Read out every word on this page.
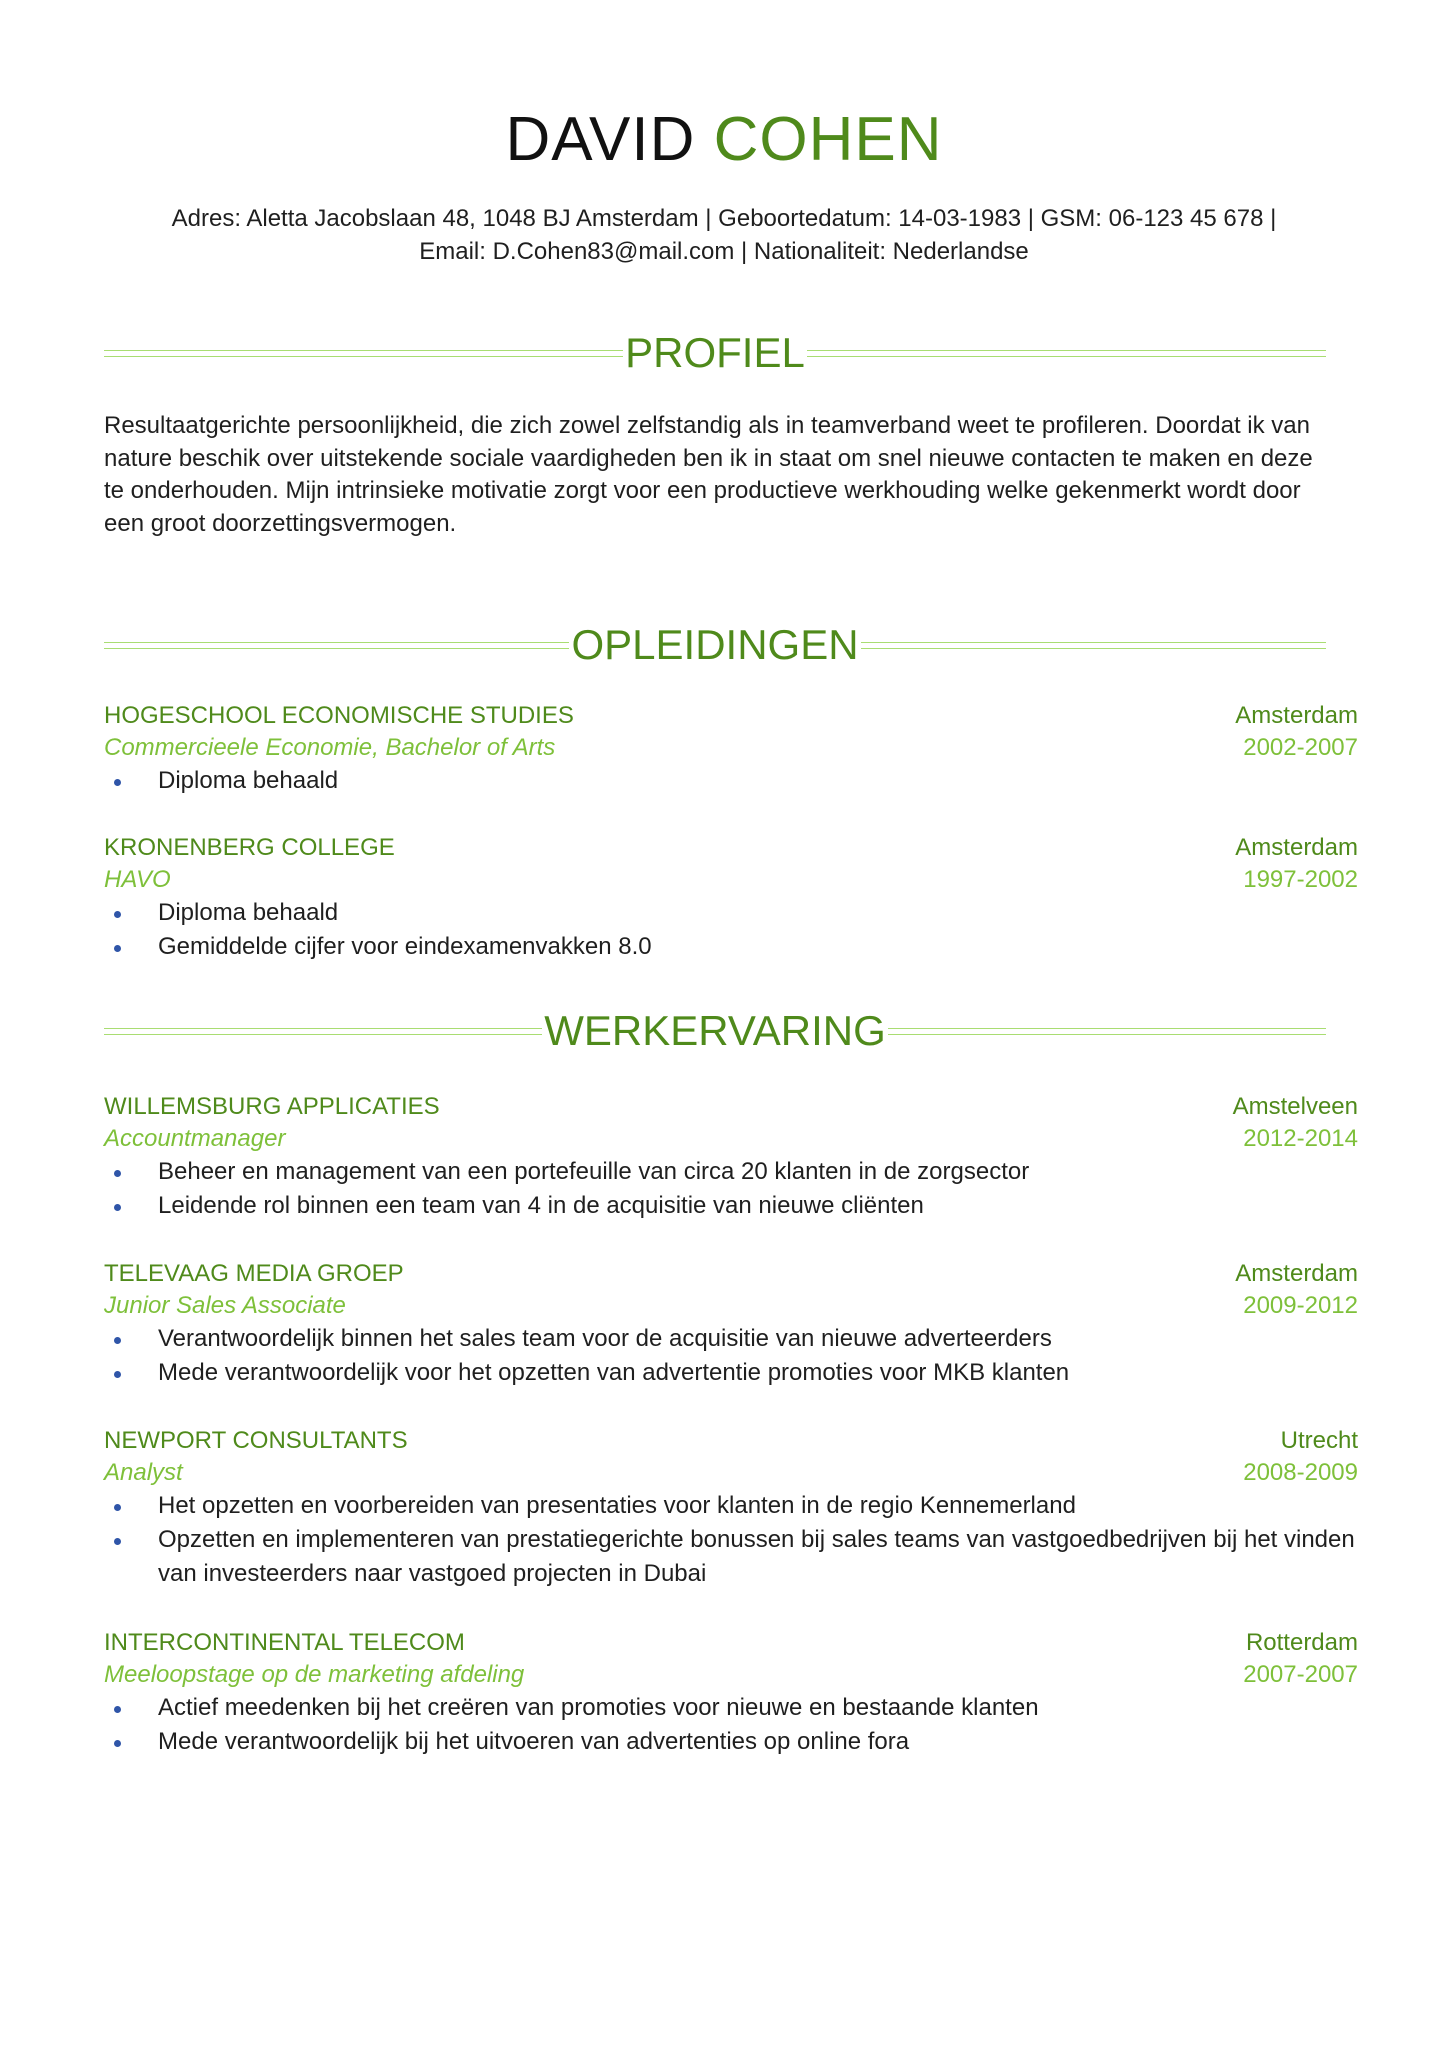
DAVID COHEN
Adres: Aletta Jacobslaan 48, 1048 BJ Amsterdam | Geboortedatum: 14-03-1983 | GSM: 06-123 45 678 |
Email: D.Cohen83@mail.com | Nationaliteit: Nederlandse
PROFIEL
Resultaatgerichte persoonlijkheid, die zich zowel zelfstandig als in teamverband weet te profileren. Doordat ik van nature beschik over uitstekende sociale vaardigheden ben ik in staat om snel nieuwe contacten te maken en deze te onderhouden. Mijn intrinsieke motivatie zorgt voor een productieve werkhouding welke gekenmerkt wordt door een groot doorzettingsvermogen.
OPLEIDINGEN
HOGESCHOOL ECONOMISCHE STUDIES	Amsterdam
Commercieele Economie, Bachelor of Arts	2002-2007
Diploma behaald
KRONENBERG COLLEGE	Amsterdam
HAVO	1997-2002
Diploma behaald
Gemiddelde cijfer voor eindexamenvakken 8.0
WERKERVARING
WILLEMSBURG APPLICATIES	Amstelveen
Accountmanager	2012-2014
Beheer en management van een portefeuille van circa 20 klanten in de zorgsector
Leidende rol binnen een team van 4 in de acquisitie van nieuwe cliënten
TELEVAAG MEDIA GROEP	Amsterdam
Junior Sales Associate	2009-2012
Verantwoordelijk binnen het sales team voor de acquisitie van nieuwe adverteerders
Mede verantwoordelijk voor het opzetten van advertentie promoties voor MKB klanten
NEWPORT CONSULTANTS	Utrecht
Analyst	2008-2009
Het opzetten en voorbereiden van presentaties voor klanten in de regio Kennemerland
Opzetten en implementeren van prestatiegerichte bonussen bij sales teams van vastgoedbedrijven bij het vinden van investeerders naar vastgoed projecten in Dubai
INTERCONTINENTAL TELECOM	Rotterdam
Meeloopstage op de marketing afdeling	2007-2007
Actief meedenken bij het creëren van promoties voor nieuwe en bestaande klanten
Mede verantwoordelijk bij het uitvoeren van advertenties op online fora
